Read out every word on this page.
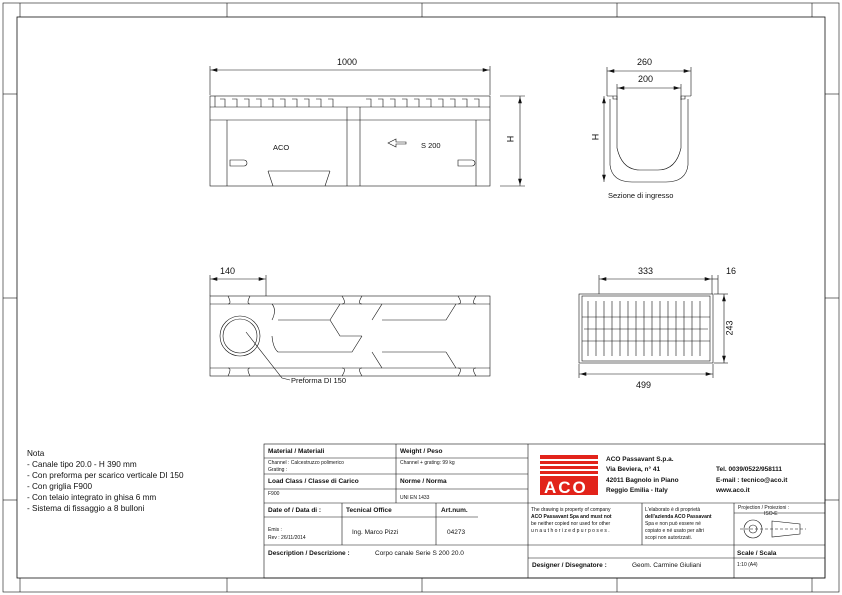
1000	260
200
H	H
140	333	16
243
499
ACO	S 200
Sezione di ingresso
Preforma DI 150
Nota
- Canale tipo 20.0 - H 390 mm
- Con preforma per scarico verticale DI 150
- Con griglia F900
- Con telaio integrato in ghisa 6 mm
- Sistema di fissaggio a 8 bulloni
Material / Materiali
Channel : Calcestruzzo polimerico
Grating :
Weight / Peso
Channel + grating: 99 kg
Load Class / Classe di Carico
F900
Norme / Norma
UNI EN 1433
Date of / Data di :
Emis :
Rev : 26/11/2014
Tecnical Office
Ing. Marco Pizzi
Art.num.
04273
Description / Descrizione :	Corpo canale Serie S 200 20.0
Designer / Disegnatore :	Geom. Carmine Giuliani
Scale / Scala
1:10 (A4)
Projection / Proiezioni :
ISO-E
ACO
ACO Passavant S.p.a.
Via Beviera, n° 41
42011 Bagnolo in Piano
Reggio Emilia - Italy
Tel. 0039/0522/958111
E-mail : tecnico@aco.it
www.aco.it
The drawing is property of company
ACO Passavant Spa and must not
be neither copied nor used for other
u n a u t h o r i z e d p u r p o s e s .
L'elaborato è di proprietà
dell'azienda ACO Passavant
Spa e non può essere né
copiato e né usato per altri
scopi non autorizzati.
